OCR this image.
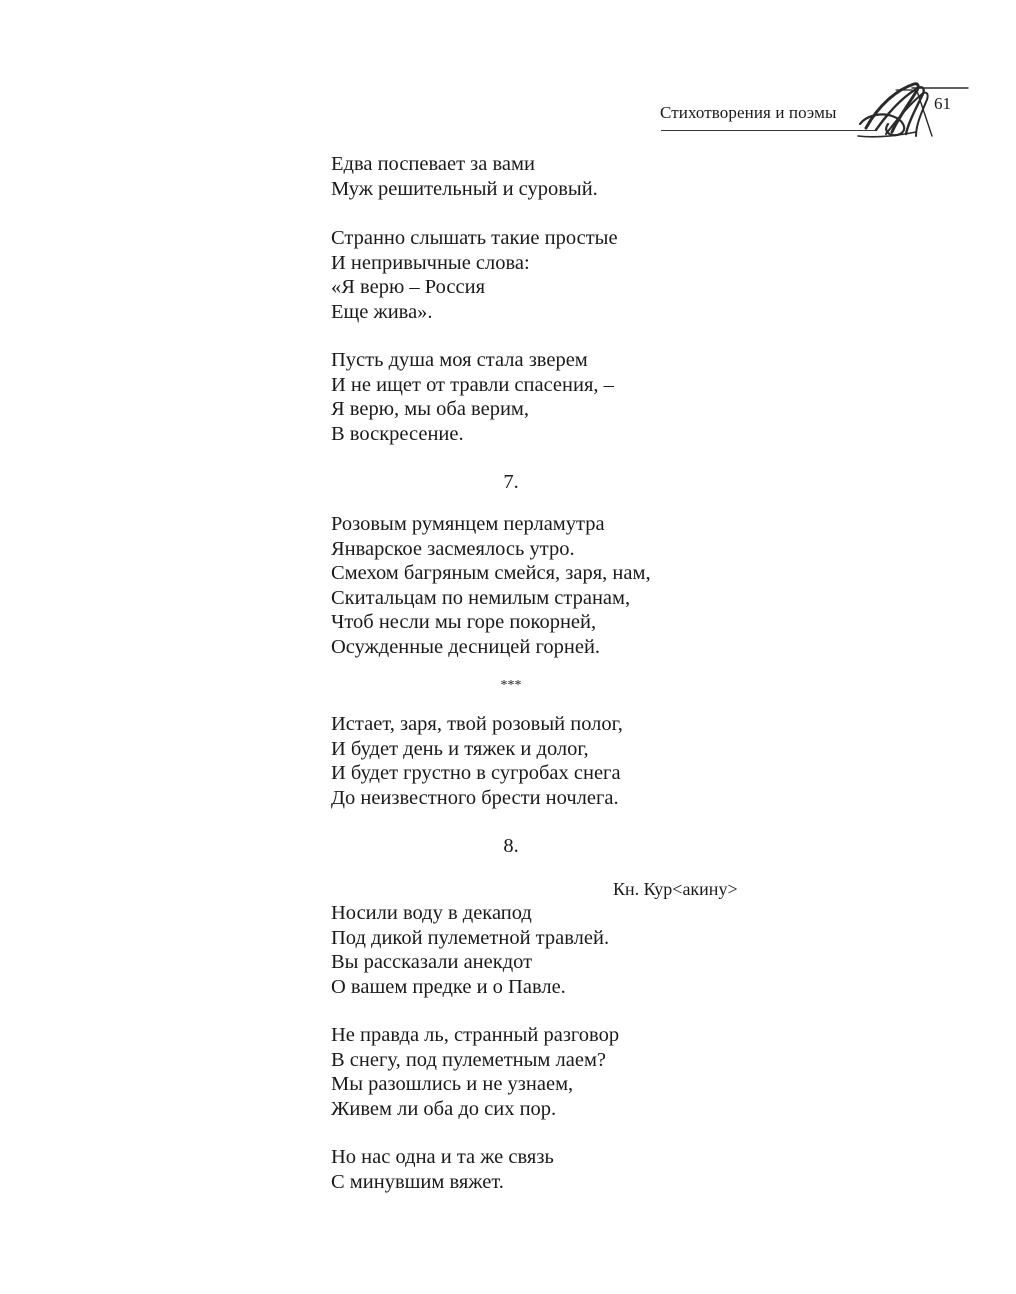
Стихотворения и поэмы	61
Едва поспевает за вами
Муж решительный и суровый.
Странно слышать такие простые
И непривычные слова:
«Я верю – Россия
Еще жива».
Пусть душа моя стала зверем
И не ищет от травли спасения, –
Я верю, мы оба верим,
В воскресение.
7.
Розовым румянцем перламутра
Январское засмеялось утро.
Смехом багряным смейся, заря, нам,
Скитальцам по немилым странам,
Чтоб несли мы горе покорней,
Осужденные десницей горней.
***
Истает, заря, твой розовый полог,
И будет день и тяжек и долог,
И будет грустно в сугробах снега
До неизвестного брести ночлега.
8.
Кн. Кур<акину>
Носили воду в декапод
Под дикой пулеметной травлей.
Вы рассказали анекдот
О вашем предке и о Павле.
Не правда ль, странный разговор
В снегу, под пулеметным лаем?
Мы разошлись и не узнаем,
Живем ли оба до сих пор.
Но нас одна и та же связь
С минувшим вяжет.
